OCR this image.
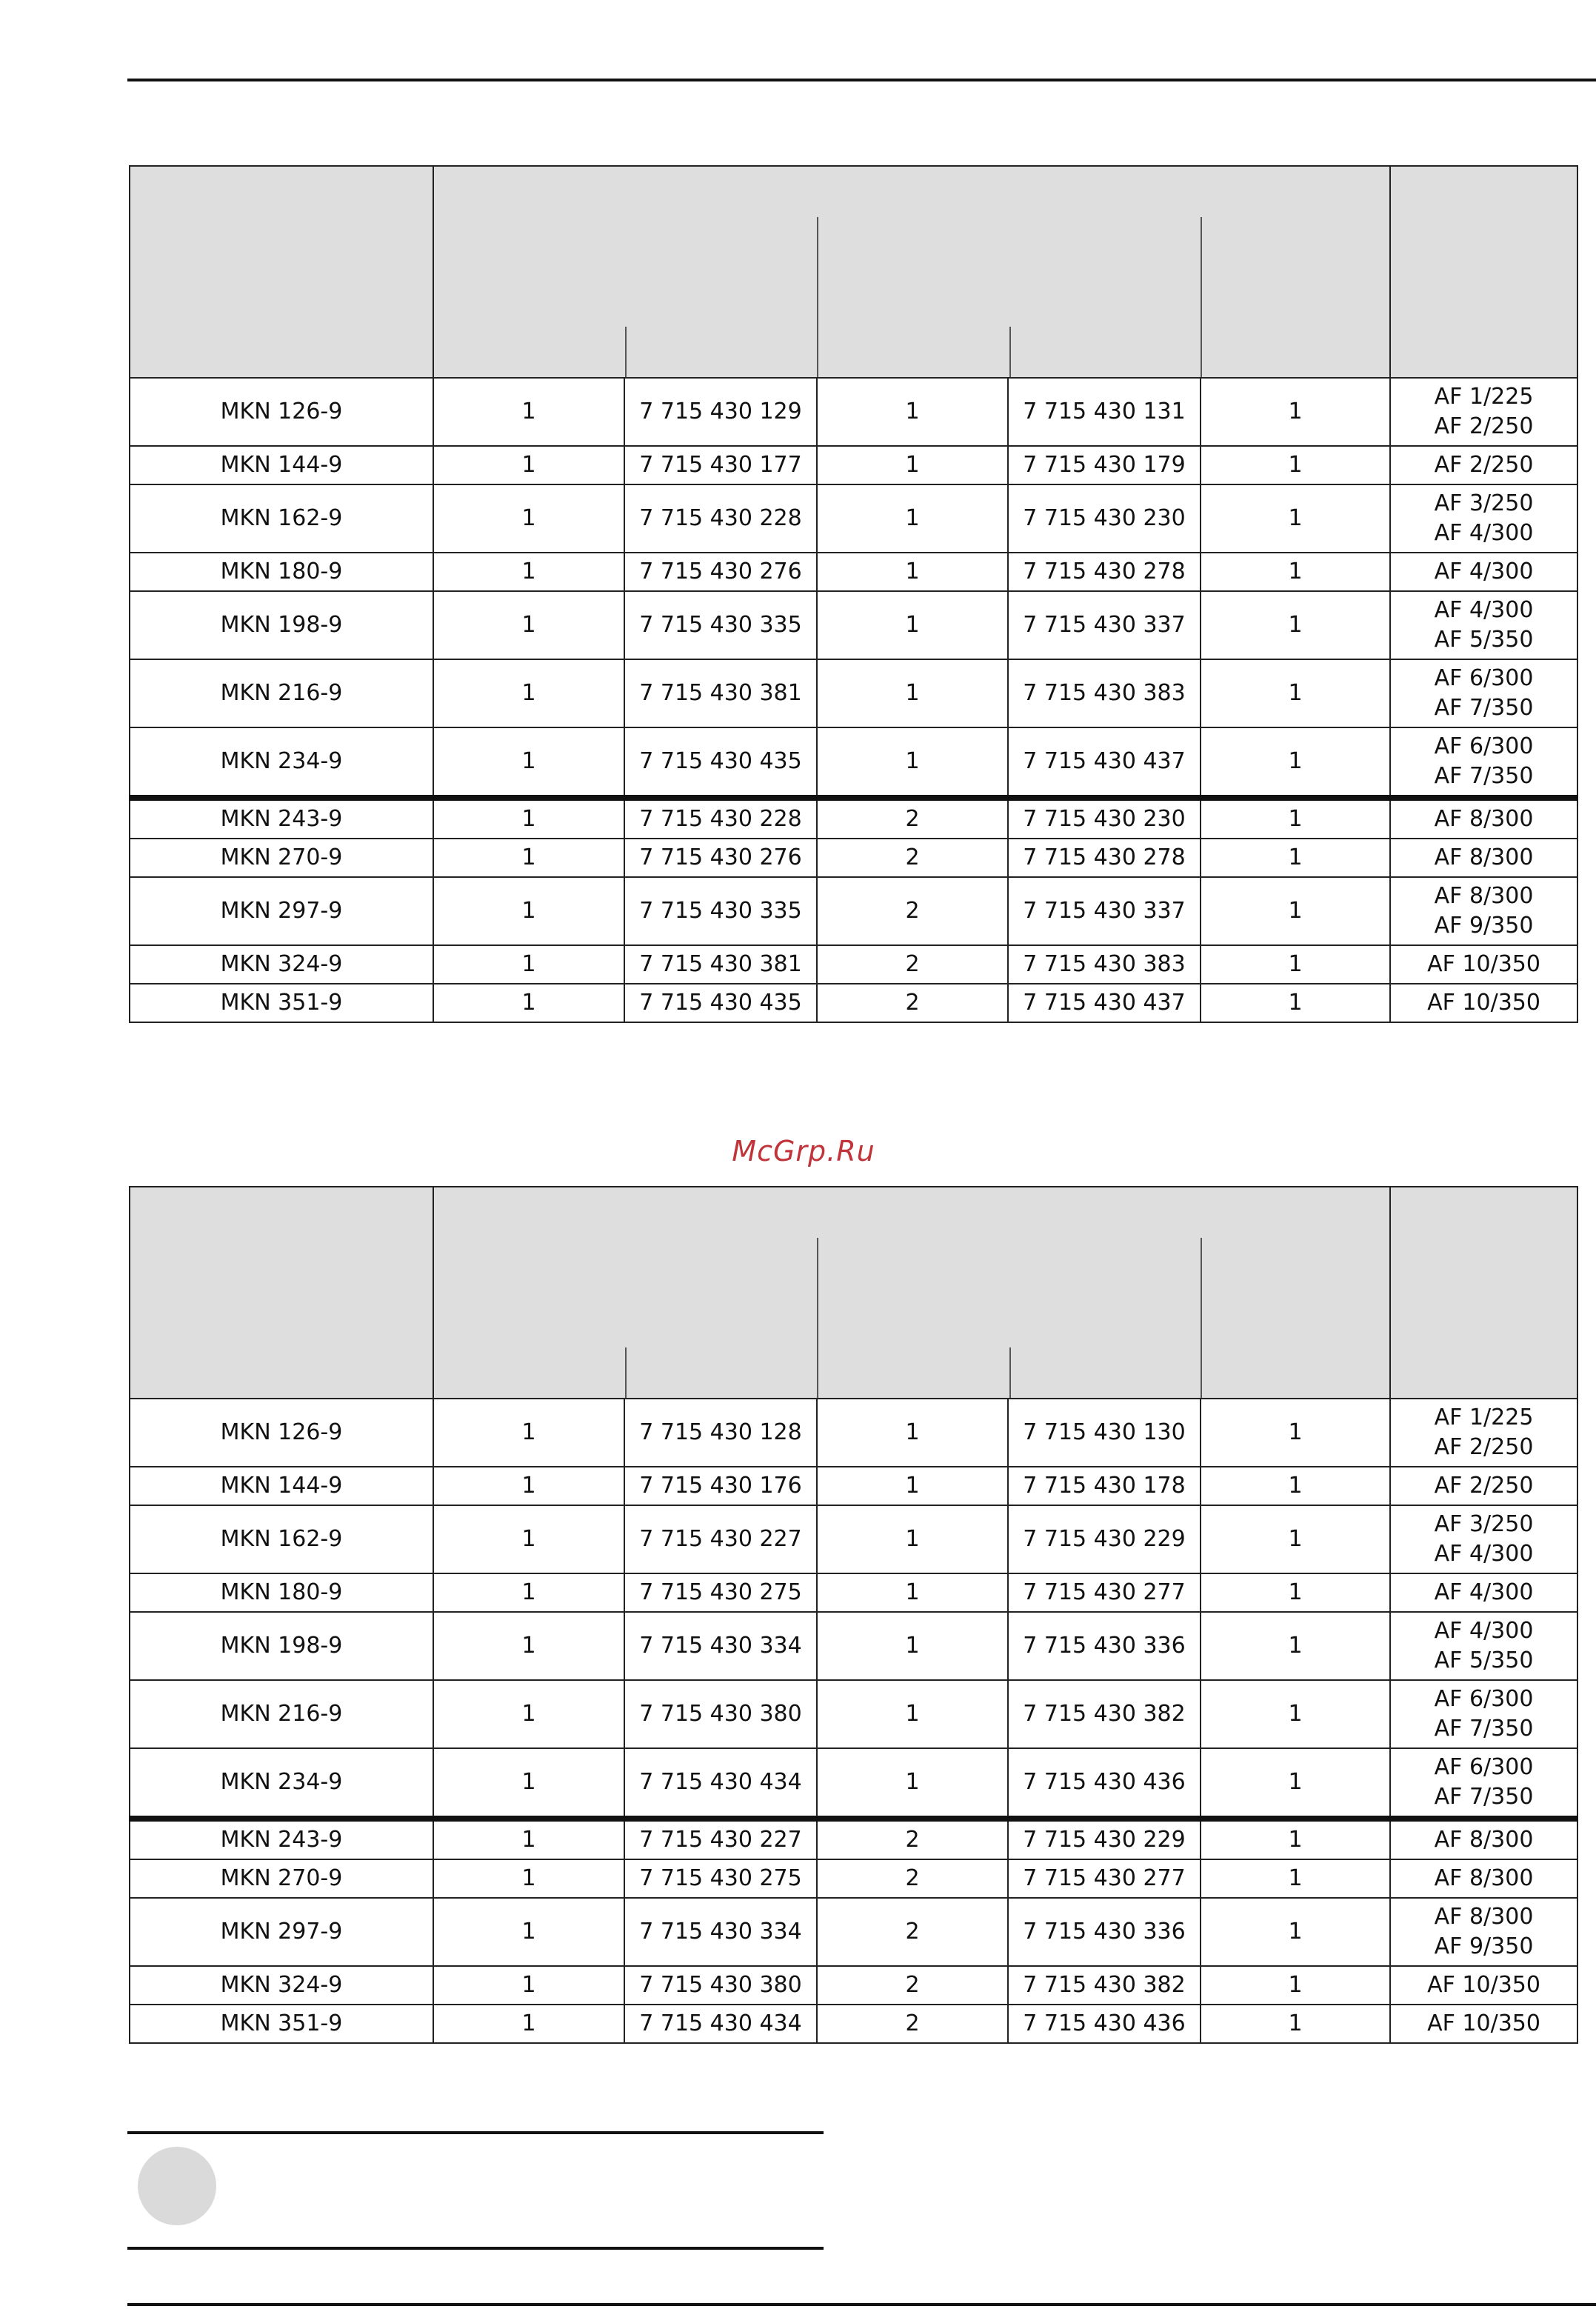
MKN 126-9	1	7 715 430 129	1	7 715 430 131	1	AF 1/225
AF 2/250

MKN 144-9	1	7 715 430 177	1	7 715 430 179	1	AF 2/250

MKN 162-9	1	7 715 430 228	1	7 715 430 230	1	AF 3/250
AF 4/300

MKN 180-9	1	7 715 430 276	1	7 715 430 278	1	AF 4/300

MKN 198-9	1	7 715 430 335	1	7 715 430 337	1	AF 4/300
AF 5/350

MKN 216-9	1	7 715 430 381	1	7 715 430 383	1	AF 6/300
AF 7/350

MKN 234-9	1	7 715 430 435	1	7 715 430 437	1	AF 6/300
AF 7/350

MKN 243-9	1	7 715 430 228	2	7 715 430 230	1	AF 8/300

MKN 270-9	1	7 715 430 276	2	7 715 430 278	1	AF 8/300

MKN 297-9	1	7 715 430 335	2	7 715 430 337	1	AF 8/300
AF 9/350

MKN 324-9	1	7 715 430 381	2	7 715 430 383	1	AF 10/350

MKN 351-9	1	7 715 430 435	2	7 715 430 437	1	AF 10/350
McGrp.Ru

MKN 126-9	1	7 715 430 128	1	7 715 430 130	1	AF 1/225
AF 2/250

MKN 144-9	1	7 715 430 176	1	7 715 430 178	1	AF 2/250

MKN 162-9	1	7 715 430 227	1	7 715 430 229	1	AF 3/250
AF 4/300

MKN 180-9	1	7 715 430 275	1	7 715 430 277	1	AF 4/300

MKN 198-9	1	7 715 430 334	1	7 715 430 336	1	AF 4/300
AF 5/350

MKN 216-9	1	7 715 430 380	1	7 715 430 382	1	AF 6/300
AF 7/350

MKN 234-9	1	7 715 430 434	1	7 715 430 436	1	AF 6/300
AF 7/350

MKN 243-9	1	7 715 430 227	2	7 715 430 229	1	AF 8/300

MKN 270-9	1	7 715 430 275	2	7 715 430 277	1	AF 8/300

MKN 297-9	1	7 715 430 334	2	7 715 430 336	1	AF 8/300
AF 9/350

MKN 324-9	1	7 715 430 380	2	7 715 430 382	1	AF 10/350

MKN 351-9	1	7 715 430 434	2	7 715 430 436	1	AF 10/350
